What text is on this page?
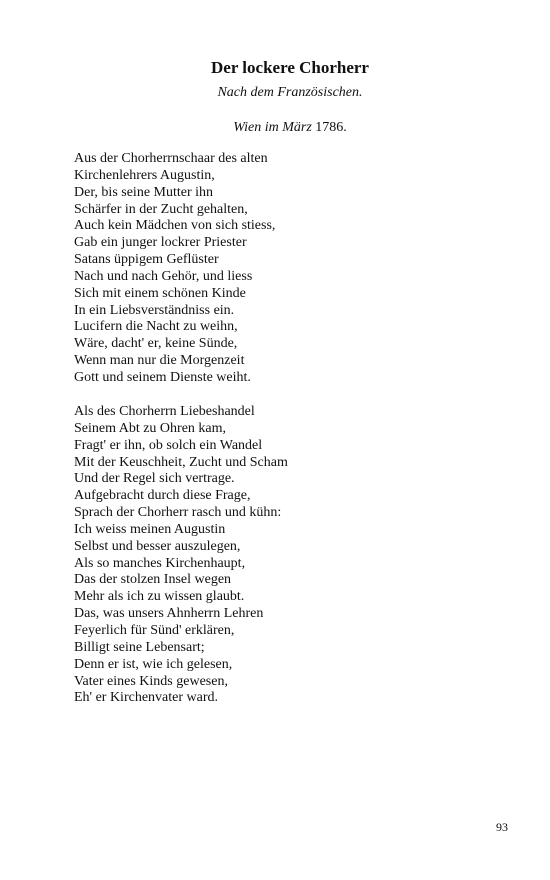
Der lockere Chorherr

Nach dem Französischen.

Wien im März 1786.

Aus der Chorherrnschaar des alten
Kirchenlehrers Augustin,
Der, bis seine Mutter ihn
Schärfer in der Zucht gehalten,
Auch kein Mädchen von sich stiess,
Gab ein junger lockrer Priester
Satans üppigem Geflüster
Nach und nach Gehör, und liess
Sich mit einem schönen Kinde
In ein Liebsverständniss ein.
Lucifern die Nacht zu weihn,
Wäre, dacht' er, keine Sünde,
Wenn man nur die Morgenzeit
Gott und seinem Dienste weiht.
Als des Chorherrn Liebeshandel
Seinem Abt zu Ohren kam,
Fragt' er ihn, ob solch ein Wandel
Mit der Keuschheit, Zucht und Scham
Und der Regel sich vertrage.
Aufgebracht durch diese Frage,
Sprach der Chorherr rasch und kühn:
Ich weiss meinen Augustin
Selbst und besser auszulegen,
Als so manches Kirchenhaupt,
Das der stolzen Insel wegen
Mehr als ich zu wissen glaubt.
Das, was unsers Ahnherrn Lehren
Feyerlich für Sünd' erklären,
Billigt seine Lebensart;
Denn er ist, wie ich gelesen,
Vater eines Kinds gewesen,
Eh' er Kirchenvater ward.

93
